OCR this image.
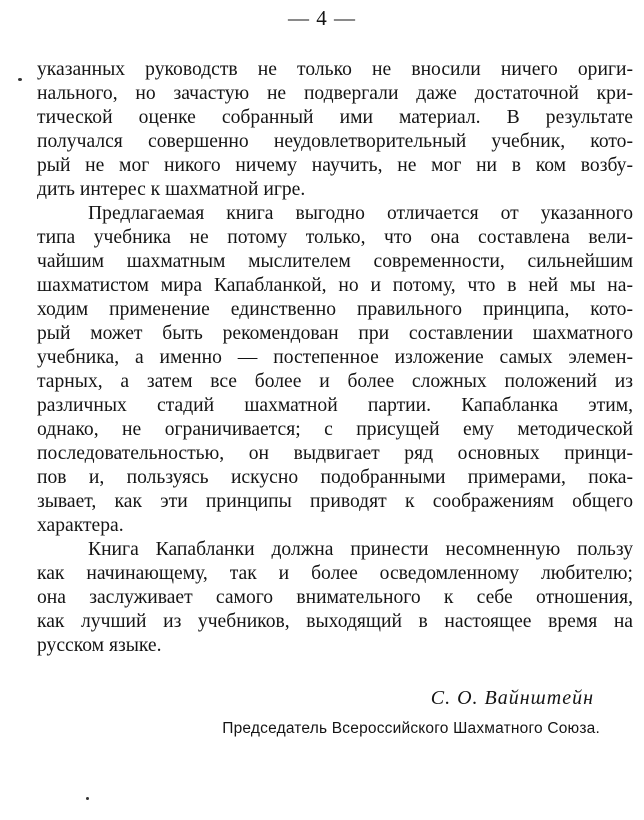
— 4 —
указанных руководств не только не вносили ничего ориги-
нального, но зачастую не подвергали даже достаточной кри-
тической оценке собранный ими материал. В результате
получался совершенно неудовлетворительный учебник, кото-
рый не мог никого ничему научить, не мог ни в ком возбу-
дить интерес к шахматной игре.
Предлагаемая книга выгодно отличается от указанного
типа учебника не потому только, что она составлена вели-
чайшим шахматным мыслителем современности, сильнейшим
шахматистом мира Капабланкой, но и потому, что в ней мы на-
ходим применение единственно правильного принципа, кото-
рый может быть рекомендован при составлении шахматного
учебника, а именно — постепенное изложение самых элемен-
тарных, а затем все более и более сложных положений из
различных стадий шахматной партии. Капабланка этим,
однако, не ограничивается; с присущей ему методической
последовательностью, он выдвигает ряд основных принци-
пов и, пользуясь искусно подобранными примерами, пока-
зывает, как эти принципы приводят к соображениям общего
характера.
Книга Капабланки должна принести несомненную пользу
как начинающему, так и более осведомленному любителю;
она заслуживает самого внимательного к себе отношения,
как лучший из учебников, выходящий в настоящее время на
русском языке.
С. О. Вайнштейн
Председатель Всероссийского Шахматного Союза.
